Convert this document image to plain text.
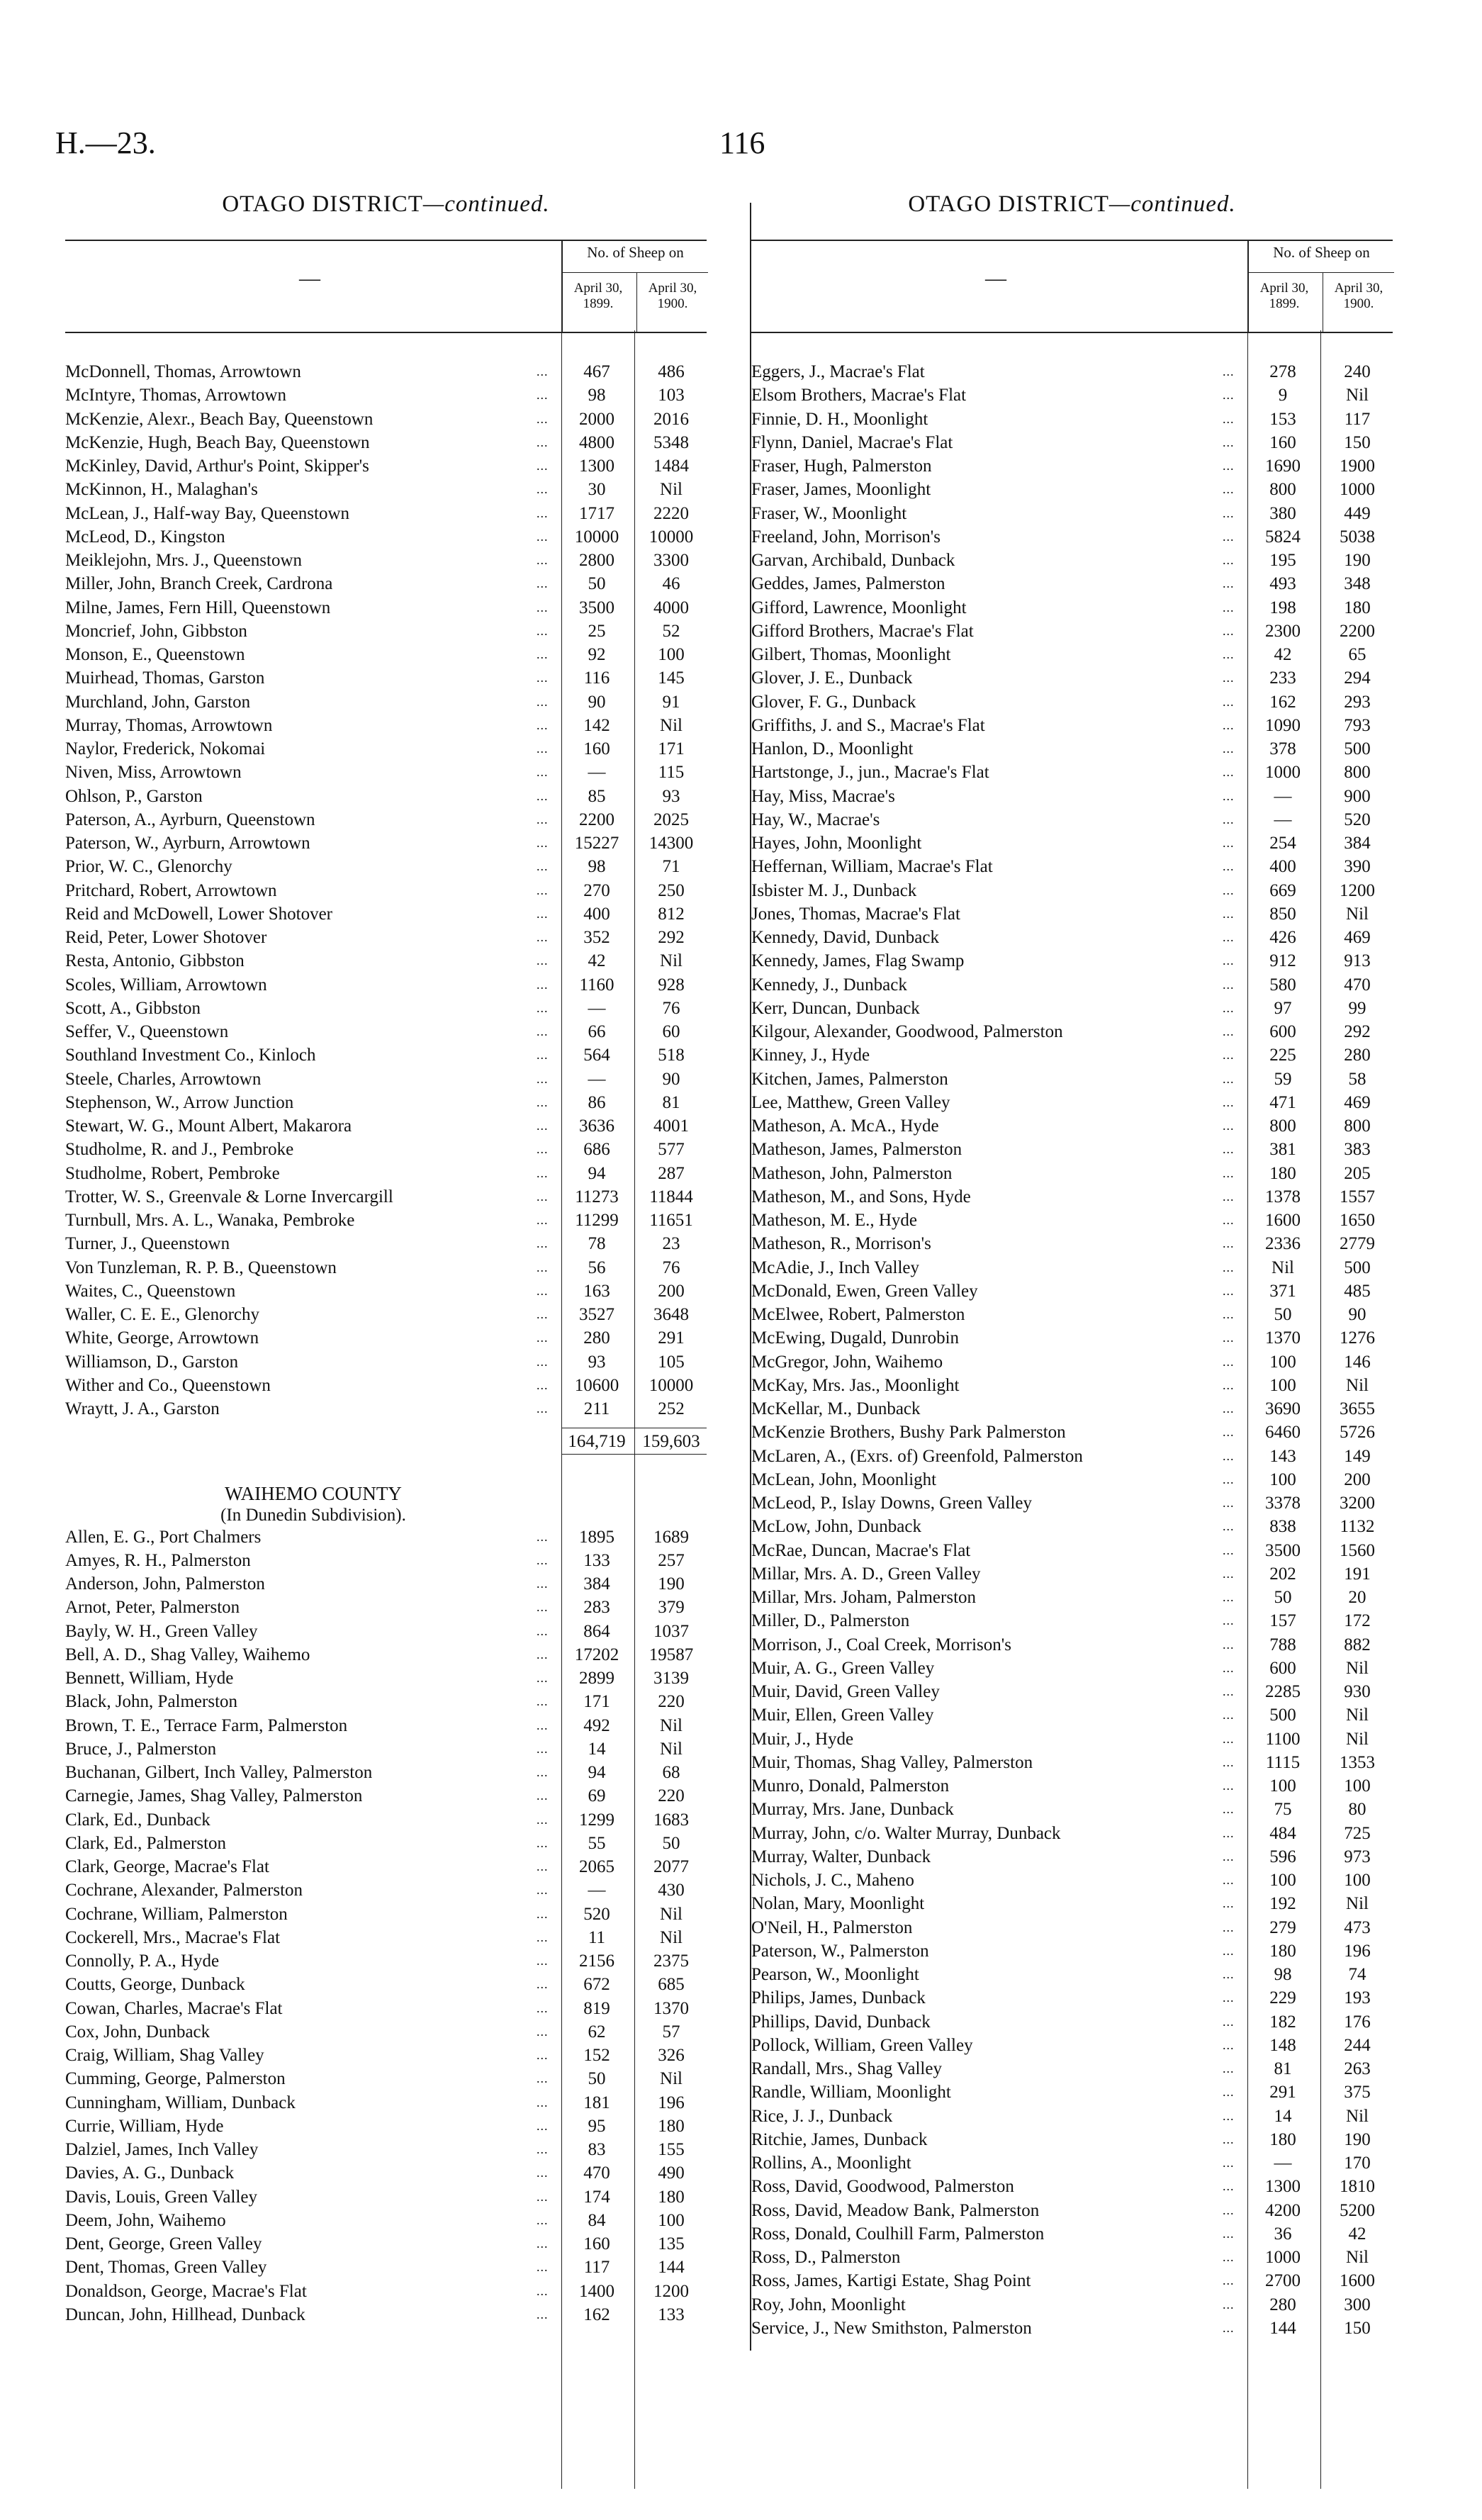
H.—23.	116
OTAGO DISTRICT—continued.
—
No. of Sheep on
April 30, 1899.
April 30, 1900.
McDonnell, Thomas, Arrowtown	...	467	486
McIntyre, Thomas, Arrowtown	...	98	103
McKenzie, Alexr., Beach Bay, Queenstown	...	2000	2016
McKenzie, Hugh, Beach Bay, Queenstown	...	4800	5348
McKinley, David, Arthur's Point, Skipper's	...	1300	1484
McKinnon, H., Malaghan's	...	30	Nil
McLean, J., Half-way Bay, Queenstown	...	1717	2220
McLeod, D., Kingston	...	10000	10000
Meiklejohn, Mrs. J., Queenstown	...	2800	3300
Miller, John, Branch Creek, Cardrona	...	50	46
Milne, James, Fern Hill, Queenstown	...	3500	4000
Moncrief, John, Gibbston	...	25	52
Monson, E., Queenstown	...	92	100
Muirhead, Thomas, Garston	...	116	145
Murchland, John, Garston	...	90	91
Murray, Thomas, Arrowtown	...	142	Nil
Naylor, Frederick, Nokomai	...	160	171
Niven, Miss, Arrowtown	...	—	115
Ohlson, P., Garston	...	85	93
Paterson, A., Ayrburn, Queenstown	...	2200	2025
Paterson, W., Ayrburn, Arrowtown	...	15227	14300
Prior, W. C., Glenorchy	...	98	71
Pritchard, Robert, Arrowtown	...	270	250
Reid and McDowell, Lower Shotover	...	400	812
Reid, Peter, Lower Shotover	...	352	292
Resta, Antonio, Gibbston	...	42	Nil
Scoles, William, Arrowtown	...	1160	928
Scott, A., Gibbston	...	—	76
Seffer, V., Queenstown	...	66	60
Southland Investment Co., Kinloch	...	564	518
Steele, Charles, Arrowtown	...	—	90
Stephenson, W., Arrow Junction	...	86	81
Stewart, W. G., Mount Albert, Makarora	...	3636	4001
Studholme, R. and J., Pembroke	...	686	577
Studholme, Robert, Pembroke	...	94	287
Trotter, W. S., Greenvale & Lorne Invercargill	...	11273	11844
Turnbull, Mrs. A. L., Wanaka, Pembroke	...	11299	11651
Turner, J., Queenstown	...	78	23
Von Tunzleman, R. P. B., Queenstown	...	56	76
Waites, C., Queenstown	...	163	200
Waller, C. E. E., Glenorchy	...	3527	3648
White, George, Arrowtown	...	280	291
Williamson, D., Garston	...	93	105
Wither and Co., Queenstown	...	10600	10000
Wraytt, J. A., Garston	...	211	252
164,719 159,603
WAIHEMO COUNTY
(In Dunedin Subdivision).
Allen, E. G., Port Chalmers	...	1895	1689
Amyes, R. H., Palmerston	...	133	257
Anderson, John, Palmerston	...	384	190
Arnot, Peter, Palmerston	...	283	379
Bayly, W. H., Green Valley	...	864	1037
Bell, A. D., Shag Valley, Waihemo	...	17202	19587
Bennett, William, Hyde	...	2899	3139
Black, John, Palmerston	...	171	220
Brown, T. E., Terrace Farm, Palmerston	...	492	Nil
Bruce, J., Palmerston	...	14	Nil
Buchanan, Gilbert, Inch Valley, Palmerston	...	94	68
Carnegie, James, Shag Valley, Palmerston	...	69	220
Clark, Ed., Dunback	...	1299	1683
Clark, Ed., Palmerston	...	55	50
Clark, George, Macrae's Flat	...	2065	2077
Cochrane, Alexander, Palmerston	...	—	430
Cochrane, William, Palmerston	...	520	Nil
Cockerell, Mrs., Macrae's Flat	...	11	Nil
Connolly, P. A., Hyde	...	2156	2375
Coutts, George, Dunback	...	672	685
Cowan, Charles, Macrae's Flat	...	819	1370
Cox, John, Dunback	...	62	57
Craig, William, Shag Valley	...	152	326
Cumming, George, Palmerston	...	50	Nil
Cunningham, William, Dunback	...	181	196
Currie, William, Hyde	...	95	180
Dalziel, James, Inch Valley	...	83	155
Davies, A. G., Dunback	...	470	490
Davis, Louis, Green Valley	...	174	180
Deem, John, Waihemo	...	84	100
Dent, George, Green Valley	...	160	135
Dent, Thomas, Green Valley	...	117	144
Donaldson, George, Macrae's Flat	...	1400	1200
Duncan, John, Hillhead, Dunback	...	162	133
OTAGO DISTRICT—continued.
—
No. of Sheep on
April 30, 1899.
April 30, 1900.
Eggers, J., Macrae's Flat	...	278	240
Elsom Brothers, Macrae's Flat	...	9	Nil
Finnie, D. H., Moonlight	...	153	117
Flynn, Daniel, Macrae's Flat	...	160	150
Fraser, Hugh, Palmerston	...	1690	1900
Fraser, James, Moonlight	...	800	1000
Fraser, W., Moonlight	...	380	449
Freeland, John, Morrison's	...	5824	5038
Garvan, Archibald, Dunback	...	195	190
Geddes, James, Palmerston	...	493	348
Gifford, Lawrence, Moonlight	...	198	180
Gifford Brothers, Macrae's Flat	...	2300	2200
Gilbert, Thomas, Moonlight	...	42	65
Glover, J. E., Dunback	...	233	294
Glover, F. G., Dunback	...	162	293
Griffiths, J. and S., Macrae's Flat	...	1090	793
Hanlon, D., Moonlight	...	378	500
Hartstonge, J., jun., Macrae's Flat	...	1000	800
Hay, Miss, Macrae's	...	—	900
Hay, W., Macrae's	...	—	520
Hayes, John, Moonlight	...	254	384
Heffernan, William, Macrae's Flat	...	400	390
Isbister M. J., Dunback	...	669	1200
Jones, Thomas, Macrae's Flat	...	850	Nil
Kennedy, David, Dunback	...	426	469
Kennedy, James, Flag Swamp	...	912	913
Kennedy, J., Dunback	...	580	470
Kerr, Duncan, Dunback	...	97	99
Kilgour, Alexander, Goodwood, Palmerston	...	600	292
Kinney, J., Hyde	...	225	280
Kitchen, James, Palmerston	...	59	58
Lee, Matthew, Green Valley	...	471	469
Matheson, A. McA., Hyde	...	800	800
Matheson, James, Palmerston	...	381	383
Matheson, John, Palmerston	...	180	205
Matheson, M., and Sons, Hyde	...	1378	1557
Matheson, M. E., Hyde	...	1600	1650
Matheson, R., Morrison's	...	2336	2779
McAdie, J., Inch Valley	...	Nil	500
McDonald, Ewen, Green Valley	...	371	485
McElwee, Robert, Palmerston	...	50	90
McEwing, Dugald, Dunrobin	...	1370	1276
McGregor, John, Waihemo	...	100	146
McKay, Mrs. Jas., Moonlight	...	100	Nil
McKellar, M., Dunback	...	3690	3655
McKenzie Brothers, Bushy Park Palmerston	...	6460	5726
McLaren, A., (Exrs. of) Greenfold, Palmerston	...	143	149
McLean, John, Moonlight	...	100	200
McLeod, P., Islay Downs, Green Valley	...	3378	3200
McLow, John, Dunback	...	838	1132
McRae, Duncan, Macrae's Flat	...	3500	1560
Millar, Mrs. A. D., Green Valley	...	202	191
Millar, Mrs. Joham, Palmerston	...	50	20
Miller, D., Palmerston	...	157	172
Morrison, J., Coal Creek, Morrison's	...	788	882
Muir, A. G., Green Valley	...	600	Nil
Muir, David, Green Valley	...	2285	930
Muir, Ellen, Green Valley	...	500	Nil
Muir, J., Hyde	...	1100	Nil
Muir, Thomas, Shag Valley, Palmerston	...	1115	1353
Munro, Donald, Palmerston	...	100	100
Murray, Mrs. Jane, Dunback	...	75	80
Murray, John, c/o. Walter Murray, Dunback	...	484	725
Murray, Walter, Dunback	...	596	973
Nichols, J. C., Maheno	...	100	100
Nolan, Mary, Moonlight	...	192	Nil
O'Neil, H., Palmerston	...	279	473
Paterson, W., Palmerston	...	180	196
Pearson, W., Moonlight	...	98	74
Philips, James, Dunback	...	229	193
Phillips, David, Dunback	...	182	176
Pollock, William, Green Valley	...	148	244
Randall, Mrs., Shag Valley	...	81	263
Randle, William, Moonlight	...	291	375
Rice, J. J., Dunback	...	14	Nil
Ritchie, James, Dunback	...	180	190
Rollins, A., Moonlight	...	—	170
Ross, David, Goodwood, Palmerston	...	1300	1810
Ross, David, Meadow Bank, Palmerston	...	4200	5200
Ross, Donald, Coulhill Farm, Palmerston	...	36	42
Ross, D., Palmerston	...	1000	Nil
Ross, James, Kartigi Estate, Shag Point	...	2700	1600
Roy, John, Moonlight	...	280	300
Service, J., New Smithston, Palmerston	...	144	150
